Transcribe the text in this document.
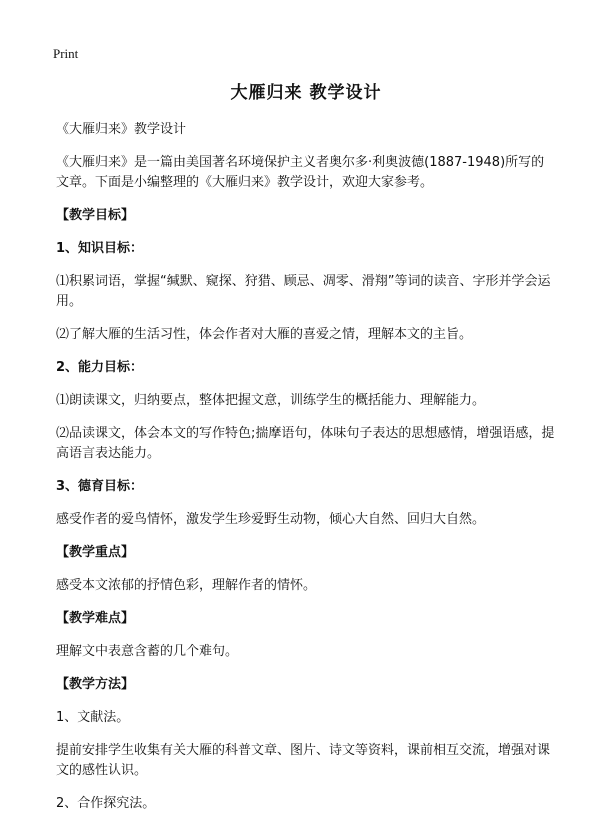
Print
大雁归来 教学设计

《大雁归来》教学设计

《大雁归来》是一篇由美国著名环境保护主义者奥尔多·利奥波德(1887-1948)所写的文章。下面是小编整理的《大雁归来》教学设计，欢迎大家参考。

【教学目标】

1、知识目标：

⑴积累词语，掌握“缄默、窥探、狩猎、顾忌、凋零、滑翔”等词的读音、字形并学会运用。

⑵了解大雁的生活习性，体会作者对大雁的喜爱之情，理解本文的主旨。

2、能力目标：

⑴朗读课文，归纳要点，整体把握文意，训练学生的概括能力、理解能力。

⑵品读课文，体会本文的写作特色;揣摩语句，体味句子表达的思想感情，增强语感，提高语言表达能力。

3、德育目标：

感受作者的爱鸟情怀，激发学生珍爱野生动物，倾心大自然、回归大自然。

【教学重点】

感受本文浓郁的抒情色彩，理解作者的情怀。

【教学难点】

理解文中表意含蓄的几个难句。

【教学方法】

1、文献法。

提前安排学生收集有关大雁的科普文章、图片、诗文等资料，课前相互交流，增强对课文的感性认识。

2、合作探究法。
